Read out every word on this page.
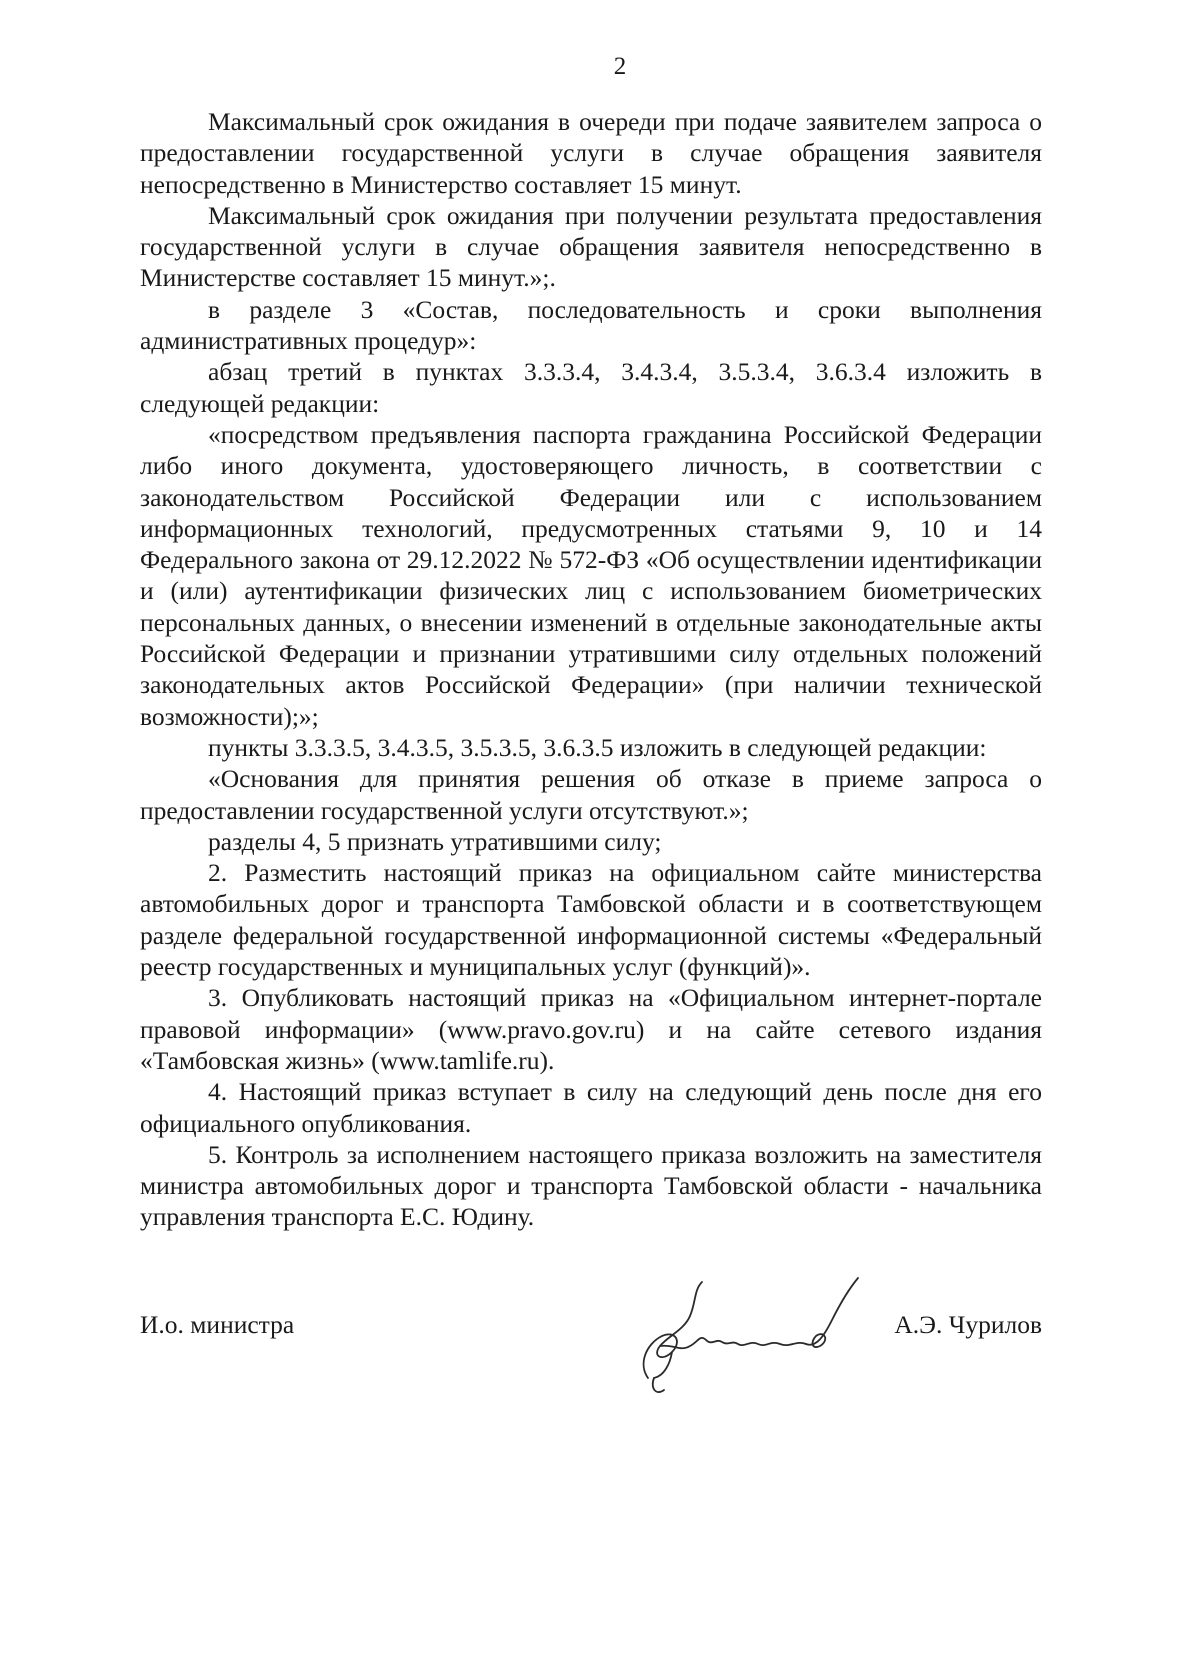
2

Максимальный срок ожидания в очереди при подаче заявителем запроса о предоставлении государственной услуги в случае обращения заявителя непосредственно в Министерство составляет 15 минут.

Максимальный срок ожидания при получении результата предоставления государственной услуги в случае обращения заявителя непосредственно в Министерстве составляет 15 минут.»;.

в разделе 3 «Состав, последовательность и сроки выполнения административных процедур»:

абзац третий в пунктах 3.3.3.4, 3.4.3.4, 3.5.3.4, 3.6.3.4 изложить в следующей редакции:

«посредством предъявления паспорта гражданина Российской Федерации либо иного документа, удостоверяющего личность, в соответствии с законодательством Российской Федерации или с использованием информационных технологий, предусмотренных статьями 9, 10 и 14 Федерального закона от 29.12.2022 № 572-ФЗ «Об осуществлении идентификации и (или) аутентификации физических лиц с использованием биометрических персональных данных, о внесении изменений в отдельные законодательные акты Российской Федерации и признании утратившими силу отдельных положений законодательных актов Российской Федерации» (при наличии технической возможности);»;

пункты 3.3.3.5, 3.4.3.5, 3.5.3.5, 3.6.3.5 изложить в следующей редакции:

«Основания для принятия решения об отказе в приеме запроса о предоставлении государственной услуги отсутствуют.»;

разделы 4, 5 признать утратившими силу;

2. Разместить настоящий приказ на официальном сайте министерства автомобильных дорог и транспорта Тамбовской области и в соответствующем разделе федеральной государственной информационной системы «Федеральный реестр государственных и муниципальных услуг (функций)».

3. Опубликовать настоящий приказ на «Официальном интернет-портале правовой информации» (www.pravo.gov.ru) и на сайте сетевого издания «Тамбовская жизнь» (www.tamlife.ru).

4. Настоящий приказ вступает в силу на следующий день после дня его официального опубликования.

5. Контроль за исполнением настоящего приказа возложить на заместителя министра автомобильных дорог и транспорта Тамбовской области - начальника управления транспорта Е.С. Юдину.

И.о. министра	А.Э. Чурилов
